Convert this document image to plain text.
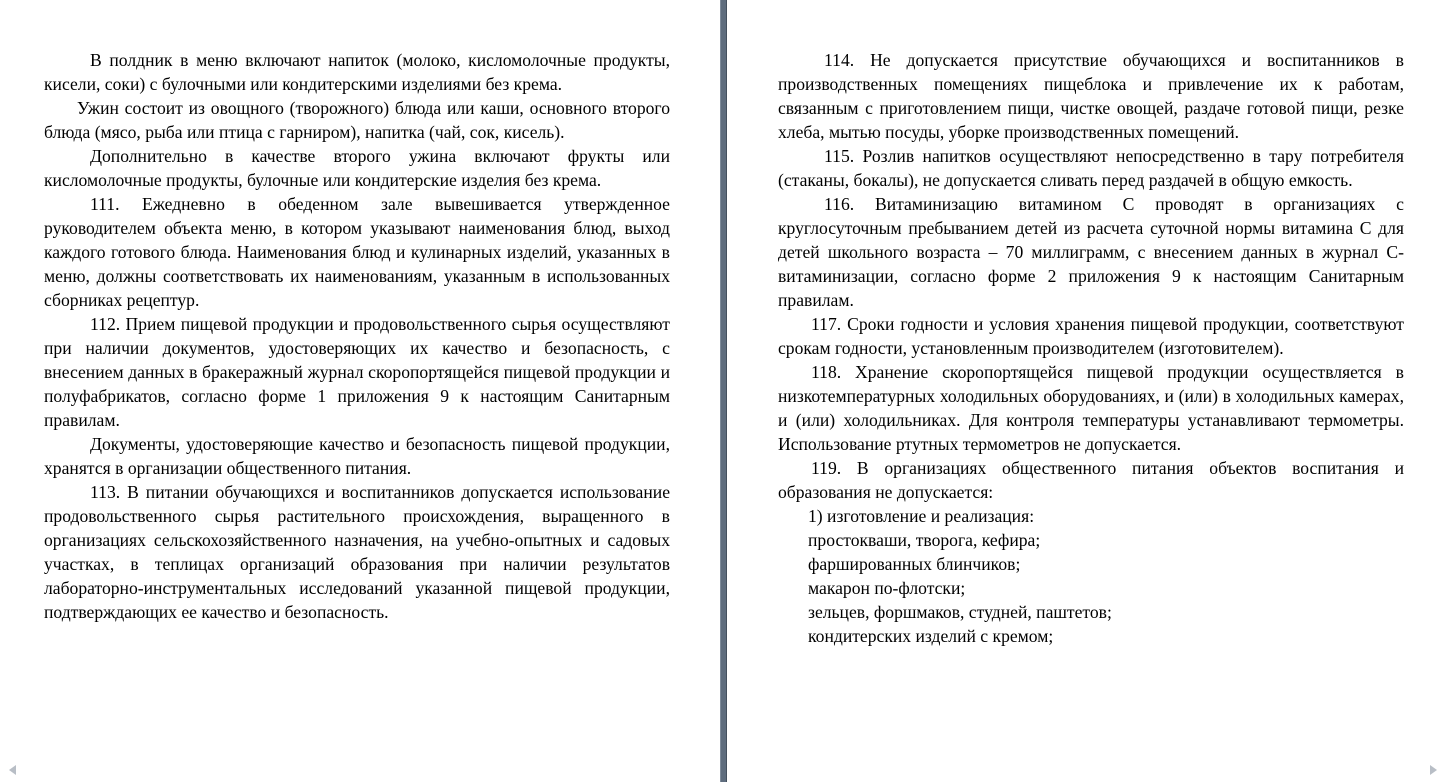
В полдник в меню включают напиток (молоко, кисломолочные продукты, кисели, соки) с булочными или кондитерскими изделиями без крема.

Ужин состоит из овощного (творожного) блюда или каши, основного второго блюда (мясо, рыба или птица с гарниром), напитка (чай, сок, кисель).

Дополнительно в качестве второго ужина включают фрукты или кисломолочные продукты, булочные или кондитерские изделия без крема.

111. Ежедневно в обеденном зале вывешивается утвержденное руководителем объекта меню, в котором указывают наименования блюд, выход каждого готового блюда. Наименования блюд и кулинарных изделий, указанных в меню, должны соответствовать их наименованиям, указанным в использованных сборниках рецептур.

112. Прием пищевой продукции и продовольственного сырья осуществляют при наличии документов, удостоверяющих их качество и безопасность, с внесением данных в бракеражный журнал скоропортящейся пищевой продукции и полуфабрикатов, согласно форме 1 приложения 9 к настоящим Санитарным правилам.

Документы, удостоверяющие качество и безопасность пищевой продукции, хранятся в организации общественного питания.

113. В питании обучающихся и воспитанников допускается использование продовольственного сырья растительного происхождения, выращенного в организациях сельскохозяйственного назначения, на учебно-опытных и садовых участках, в теплицах организаций образования при наличии результатов лабораторно-инструментальных исследований указанной пищевой продукции, подтверждающих ее качество и безопасность.

114. Не допускается присутствие обучающихся и воспитанников в производственных помещениях пищеблока и привлечение их к работам, связанным с приготовлением пищи, чистке овощей, раздаче готовой пищи, резке хлеба, мытью посуды, уборке производственных помещений.

115. Розлив напитков осуществляют непосредственно в тару потребителя (стаканы, бокалы), не допускается сливать перед раздачей в общую емкость.

116. Витаминизацию витамином С проводят в организациях с круглосуточным пребыванием детей из расчета суточной нормы витамина С для детей школьного возраста – 70 миллиграмм, с внесением данных в журнал С-витаминизации, согласно форме 2 приложения 9 к настоящим Санитарным правилам.

117. Сроки годности и условия хранения пищевой продукции, соответствуют срокам годности, установленным производителем (изготовителем).

118. Хранение скоропортящейся пищевой продукции осуществляется в низкотемпературных холодильных оборудованиях, и (или) в холодильных камерах, и (или) холодильниках. Для контроля температуры устанавливают термометры. Использование ртутных термометров не допускается.

119. В организациях общественного питания объектов воспитания и образования не допускается:

1) изготовление и реализация:

простокваши, творога, кефира;

фаршированных блинчиков;

макарон по-флотски;

зельцев, форшмаков, студней, паштетов;

кондитерских изделий с кремом;
